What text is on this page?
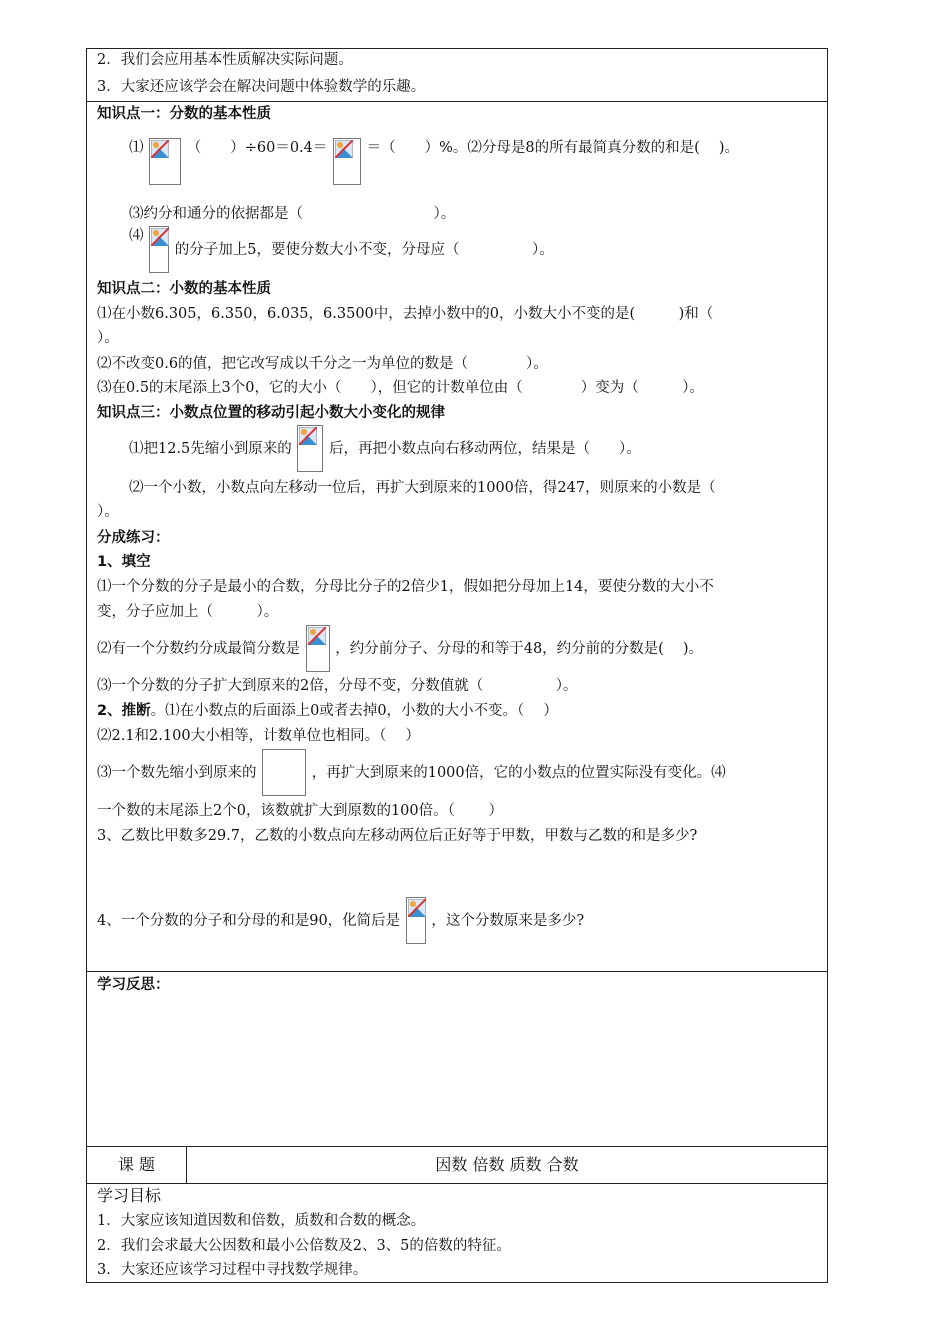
2．我们会应用基本性质解决实际问题。
3．大家还应该学会在解决问题中体验数学的乐趣。
知识点一：分数的基本性质
⑴	（　　）÷60＝0.4＝	＝（　　）%。⑵分母是8的所有最简真分数的和是(　 )。
⑶约分和通分的依据都是（　　　　　　　　　）。
⑷
的分子加上5，要使分数大小不变，分母应（　　　　　）。
知识点二：小数的基本性质
⑴在小数6.305，6.350，6.035，6.3500中，去掉小数中的0，小数大小不变的是(　　　)和（
）。
⑵不改变0.6的值，把它改写成以千分之一为单位的数是（　　　　）。
⑶在0.5的末尾添上3个0，它的大小（　　），但它的计数单位由（　　　　）变为（　　　）。
知识点三：小数点位置的移动引起小数大小变化的规律
⑴把12.5先缩小到原来的	后，再把小数点向右移动两位，结果是（　　）。
⑵一个小数，小数点向左移动一位后，再扩大到原来的1000倍，得247，则原来的小数是（
）。
分成练习：
1、填空
⑴一个分数的分子是最小的合数，分母比分子的2倍少1，假如把分母加上14，要使分数的大小不
变，分子应加上（　　　）。
⑵有一个分数约分成最简分数是 ，约分前分子、分母的和等于48，约分前的分数是(　 )。
⑶一个分数的分子扩大到原来的2倍，分母不变，分数值就（　　　　　）。
2、推断。⑴在小数点的后面添上0或者去掉0，小数的大小不变。（　 ）
⑵2.1和2.100大小相等，计数单位也相同。（　 ）
⑶一个数先缩小到原来的	，再扩大到原来的1000倍，它的小数点的位置实际没有变化。⑷
一个数的末尾添上2个0，该数就扩大到原数的100倍。（　　 ）
3、乙数比甲数多29.7，乙数的小数点向左移动两位后正好等于甲数，甲数与乙数的和是多少?
4、一个分数的分子和分母的和是90，化简后是 ，这个分数原来是多少?
学习反思：
课 题	因数 倍数 质数 合数
学习目标
1．大家应该知道因数和倍数，质数和合数的概念。
2．我们会求最大公因数和最小公倍数及2、3、5的倍数的特征。
3．大家还应该学习过程中寻找数学规律。
